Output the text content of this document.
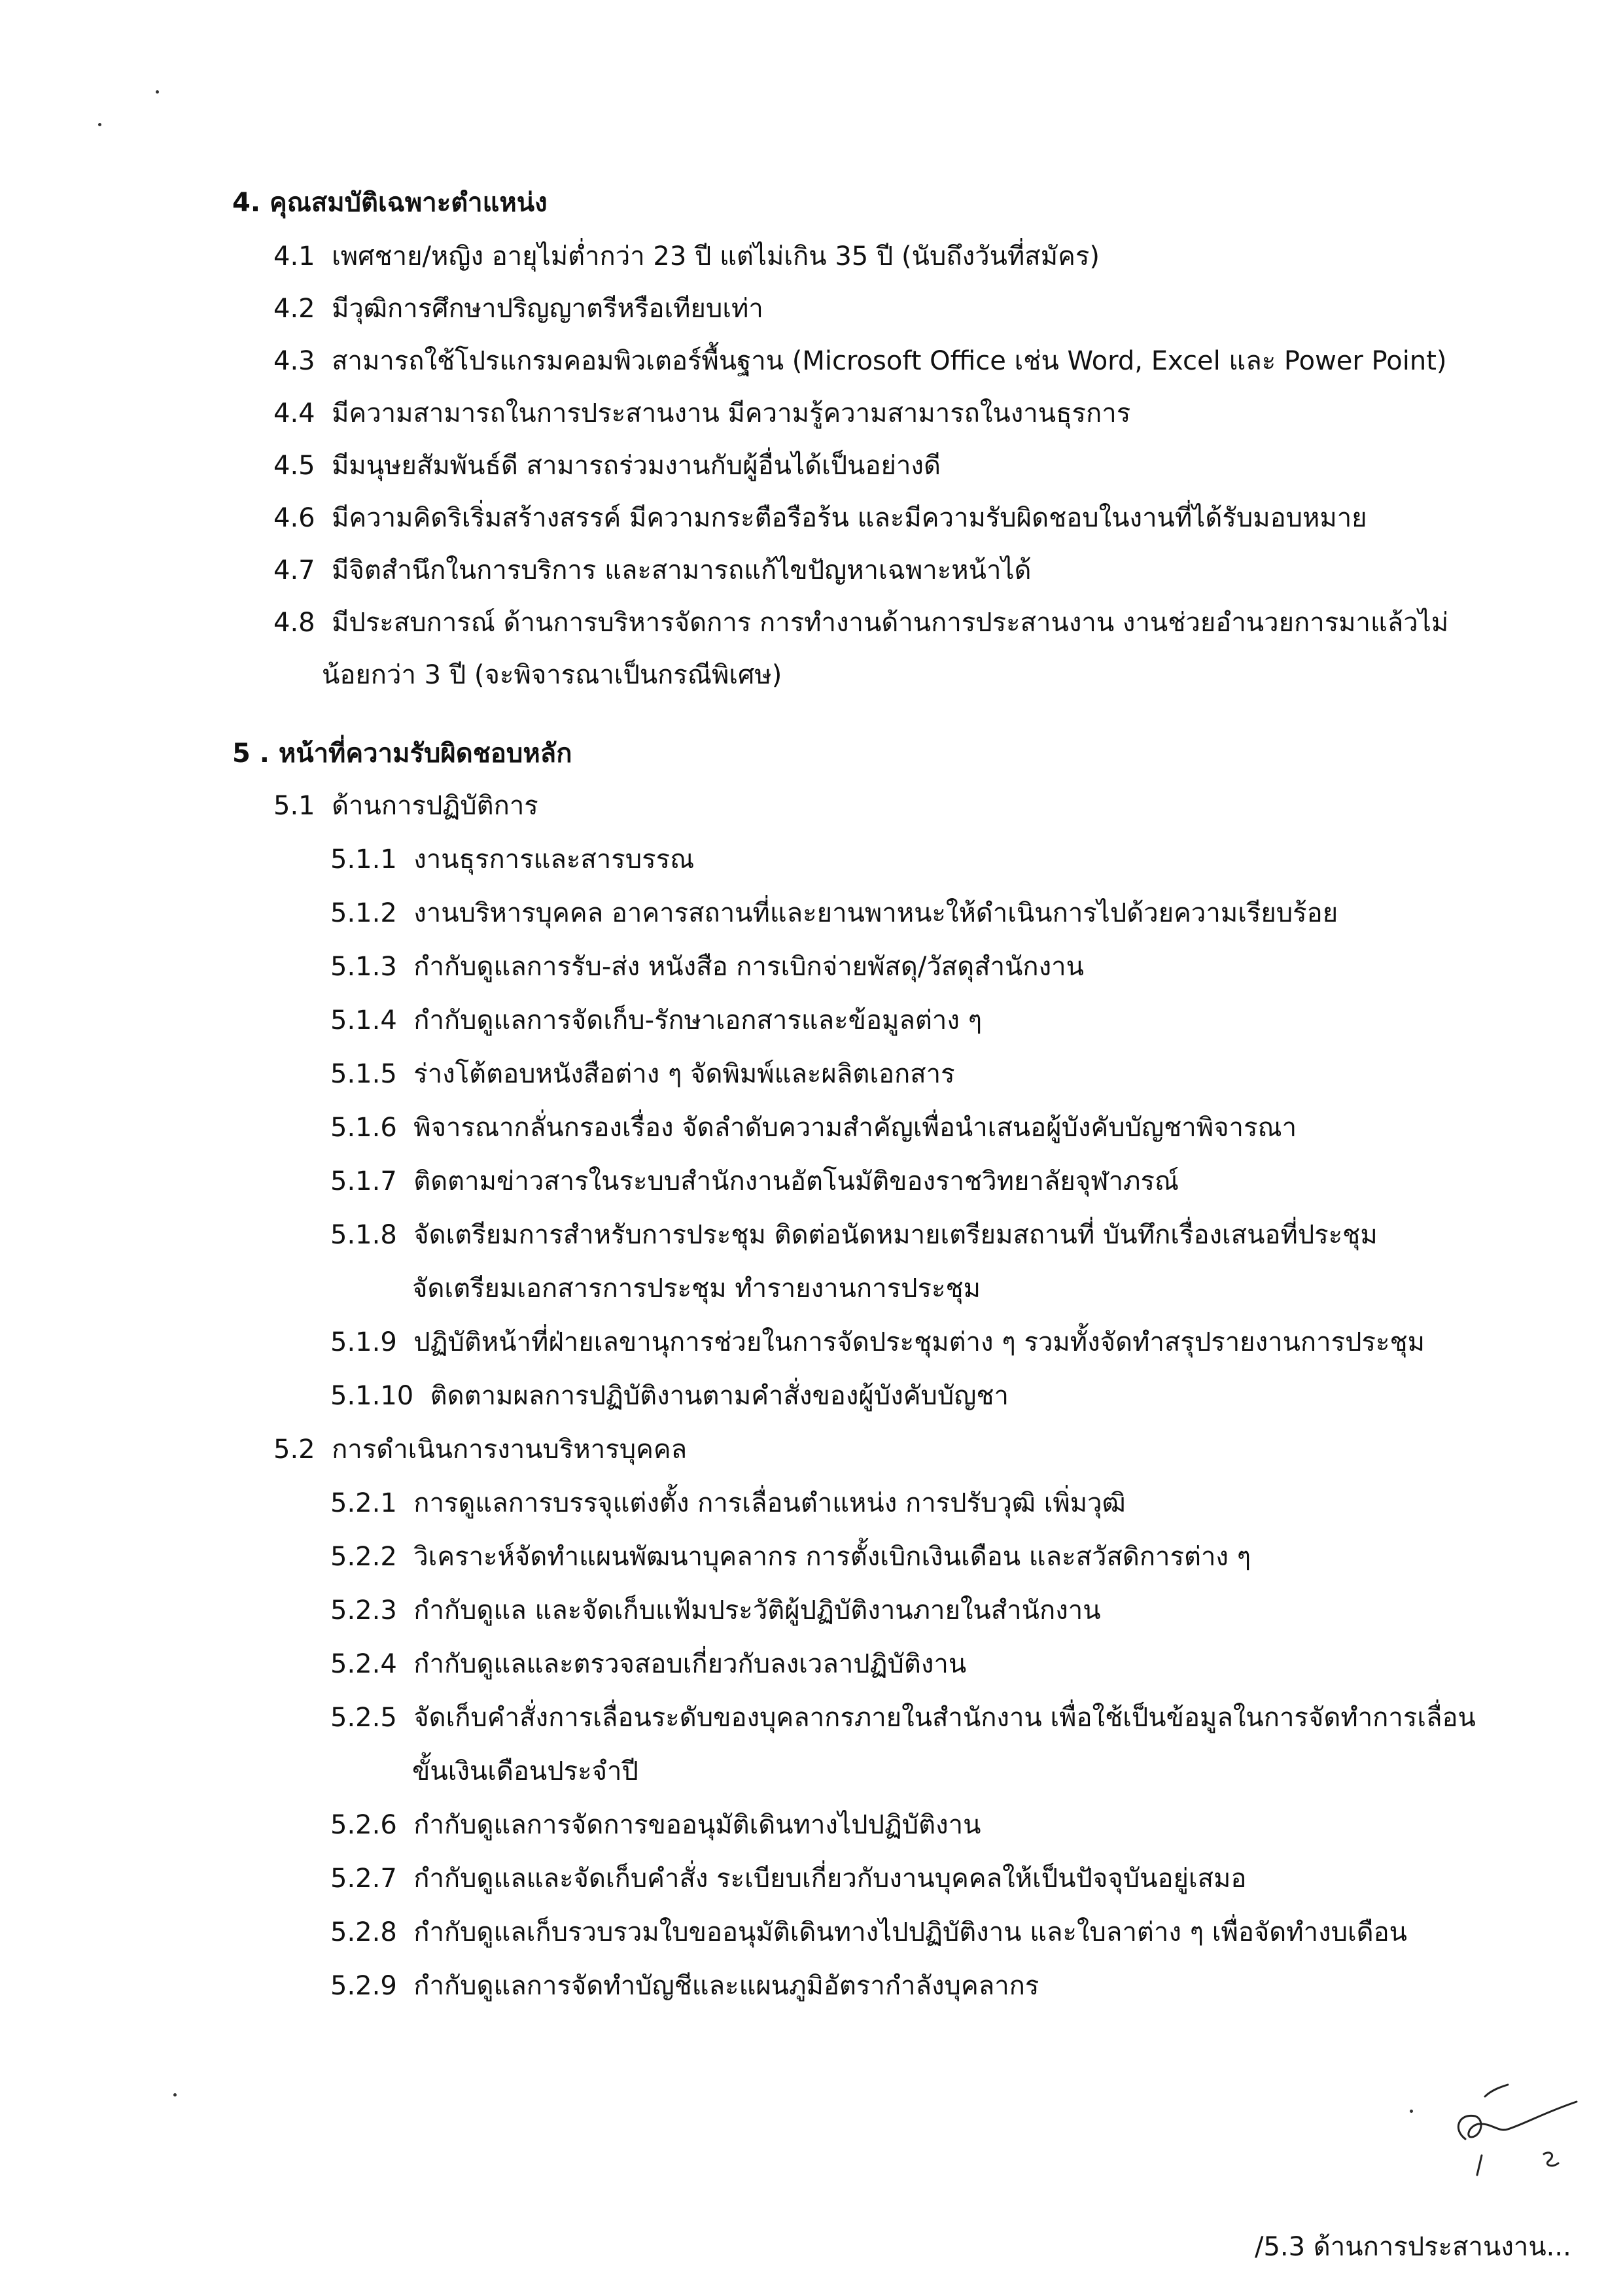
4. คุณสมบัติเฉพาะตำแหน่ง
4.1 เพศชาย/หญิง อายุไม่ต่ำกว่า 23 ปี แต่ไม่เกิน 35 ปี (นับถึงวันที่สมัคร)
4.2 มีวุฒิการศึกษาปริญญาตรีหรือเทียบเท่า
4.3 สามารถใช้โปรแกรมคอมพิวเตอร์พื้นฐาน (Microsoft Office เช่น Word, Excel และ Power Point)
4.4 มีความสามารถในการประสานงาน มีความรู้ความสามารถในงานธุรการ
4.5 มีมนุษยสัมพันธ์ดี สามารถร่วมงานกับผู้อื่นได้เป็นอย่างดี
4.6 มีความคิดริเริ่มสร้างสรรค์ มีความกระตือรือร้น และมีความรับผิดชอบในงานที่ได้รับมอบหมาย
4.7 มีจิตสำนึกในการบริการ และสามารถแก้ไขปัญหาเฉพาะหน้าได้
4.8 มีประสบการณ์ ด้านการบริหารจัดการ การทำงานด้านการประสานงาน งานช่วยอำนวยการมาแล้วไม่
น้อยกว่า 3 ปี (จะพิจารณาเป็นกรณีพิเศษ)
5 . หน้าที่ความรับผิดชอบหลัก
5.1 ด้านการปฏิบัติการ
5.1.1 งานธุรการและสารบรรณ
5.1.2 งานบริหารบุคคล อาคารสถานที่และยานพาหนะให้ดำเนินการไปด้วยความเรียบร้อย
5.1.3 กำกับดูแลการรับ-ส่ง หนังสือ การเบิกจ่ายพัสดุ/วัสดุสำนักงาน
5.1.4 กำกับดูแลการจัดเก็บ-รักษาเอกสารและข้อมูลต่าง ๆ
5.1.5 ร่างโต้ตอบหนังสือต่าง ๆ จัดพิมพ์และผลิตเอกสาร
5.1.6 พิจารณากลั่นกรองเรื่อง จัดลำดับความสำคัญเพื่อนำเสนอผู้บังคับบัญชาพิจารณา
5.1.7 ติดตามข่าวสารในระบบสำนักงานอัตโนมัติของราชวิทยาลัยจุฬาภรณ์
5.1.8 จัดเตรียมการสำหรับการประชุม ติดต่อนัดหมายเตรียมสถานที่ บันทึกเรื่องเสนอที่ประชุม
จัดเตรียมเอกสารการประชุม ทำรายงานการประชุม
5.1.9 ปฏิบัติหน้าที่ฝ่ายเลขานุการช่วยในการจัดประชุมต่าง ๆ รวมทั้งจัดทำสรุปรายงานการประชุม
5.1.10 ติดตามผลการปฏิบัติงานตามคำสั่งของผู้บังคับบัญชา
5.2 การดำเนินการงานบริหารบุคคล
5.2.1 การดูแลการบรรจุแต่งตั้ง การเลื่อนตำแหน่ง การปรับวุฒิ เพิ่มวุฒิ
5.2.2 วิเคราะห์จัดทำแผนพัฒนาบุคลากร การตั้งเบิกเงินเดือน และสวัสดิการต่าง ๆ
5.2.3 กำกับดูแล และจัดเก็บแฟ้มประวัติผู้ปฏิบัติงานภายในสำนักงาน
5.2.4 กำกับดูแลและตรวจสอบเกี่ยวกับลงเวลาปฏิบัติงาน
5.2.5 จัดเก็บคำสั่งการเลื่อนระดับของบุคลากรภายในสำนักงาน เพื่อใช้เป็นข้อมูลในการจัดทำการเลื่อน
ขั้นเงินเดือนประจำปี
5.2.6 กำกับดูแลการจัดการขออนุมัติเดินทางไปปฏิบัติงาน
5.2.7 กำกับดูแลและจัดเก็บคำสั่ง ระเบียบเกี่ยวกับงานบุคคลให้เป็นปัจจุบันอยู่เสมอ
5.2.8 กำกับดูแลเก็บรวบรวมใบขออนุมัติเดินทางไปปฏิบัติงาน และใบลาต่าง ๆ เพื่อจัดทำงบเดือน
5.2.9 กำกับดูแลการจัดทำบัญชีและแผนภูมิอัตรากำลังบุคลากร
/5.3 ด้านการประสานงาน...
